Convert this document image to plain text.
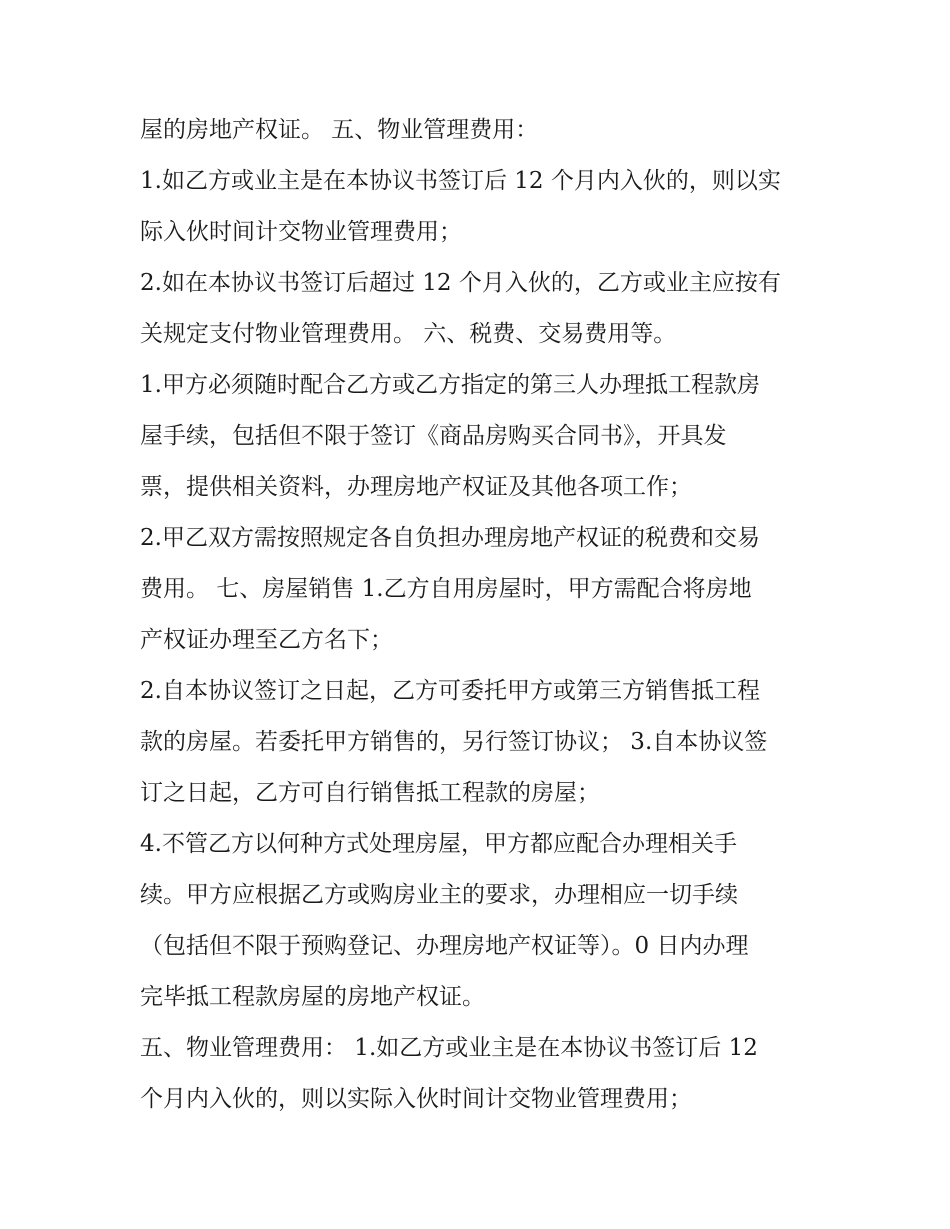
屋的房地产权证。 五、物业管理费用：
1.如乙方或业主是在本协议书签订后 12 个月内入伙的，则以实
际入伙时间计交物业管理费用；
2.如在本协议书签订后超过 12 个月入伙的，乙方或业主应按有
关规定支付物业管理费用。 六、税费、交易费用等。
1.甲方必须随时配合乙方或乙方指定的第三人办理抵工程款房
屋手续，包括但不限于签订《商品房购买合同书》，开具发
票，提供相关资料，办理房地产权证及其他各项工作；
2.甲乙双方需按照规定各自负担办理房地产权证的税费和交易
费用。 七、房屋销售 1.乙方自用房屋时，甲方需配合将房地
产权证办理至乙方名下；
2.自本协议签订之日起，乙方可委托甲方或第三方销售抵工程
款的房屋。若委托甲方销售的，另行签订协议； 3.自本协议签
订之日起，乙方可自行销售抵工程款的房屋；
4.不管乙方以何种方式处理房屋，甲方都应配合办理相关手
续。甲方应根据乙方或购房业主的要求，办理相应一切手续
（包括但不限于预购登记、办理房地产权证等）。0 日内办理
完毕抵工程款房屋的房地产权证。
五、物业管理费用： 1.如乙方或业主是在本协议书签订后 12
个月内入伙的，则以实际入伙时间计交物业管理费用；
